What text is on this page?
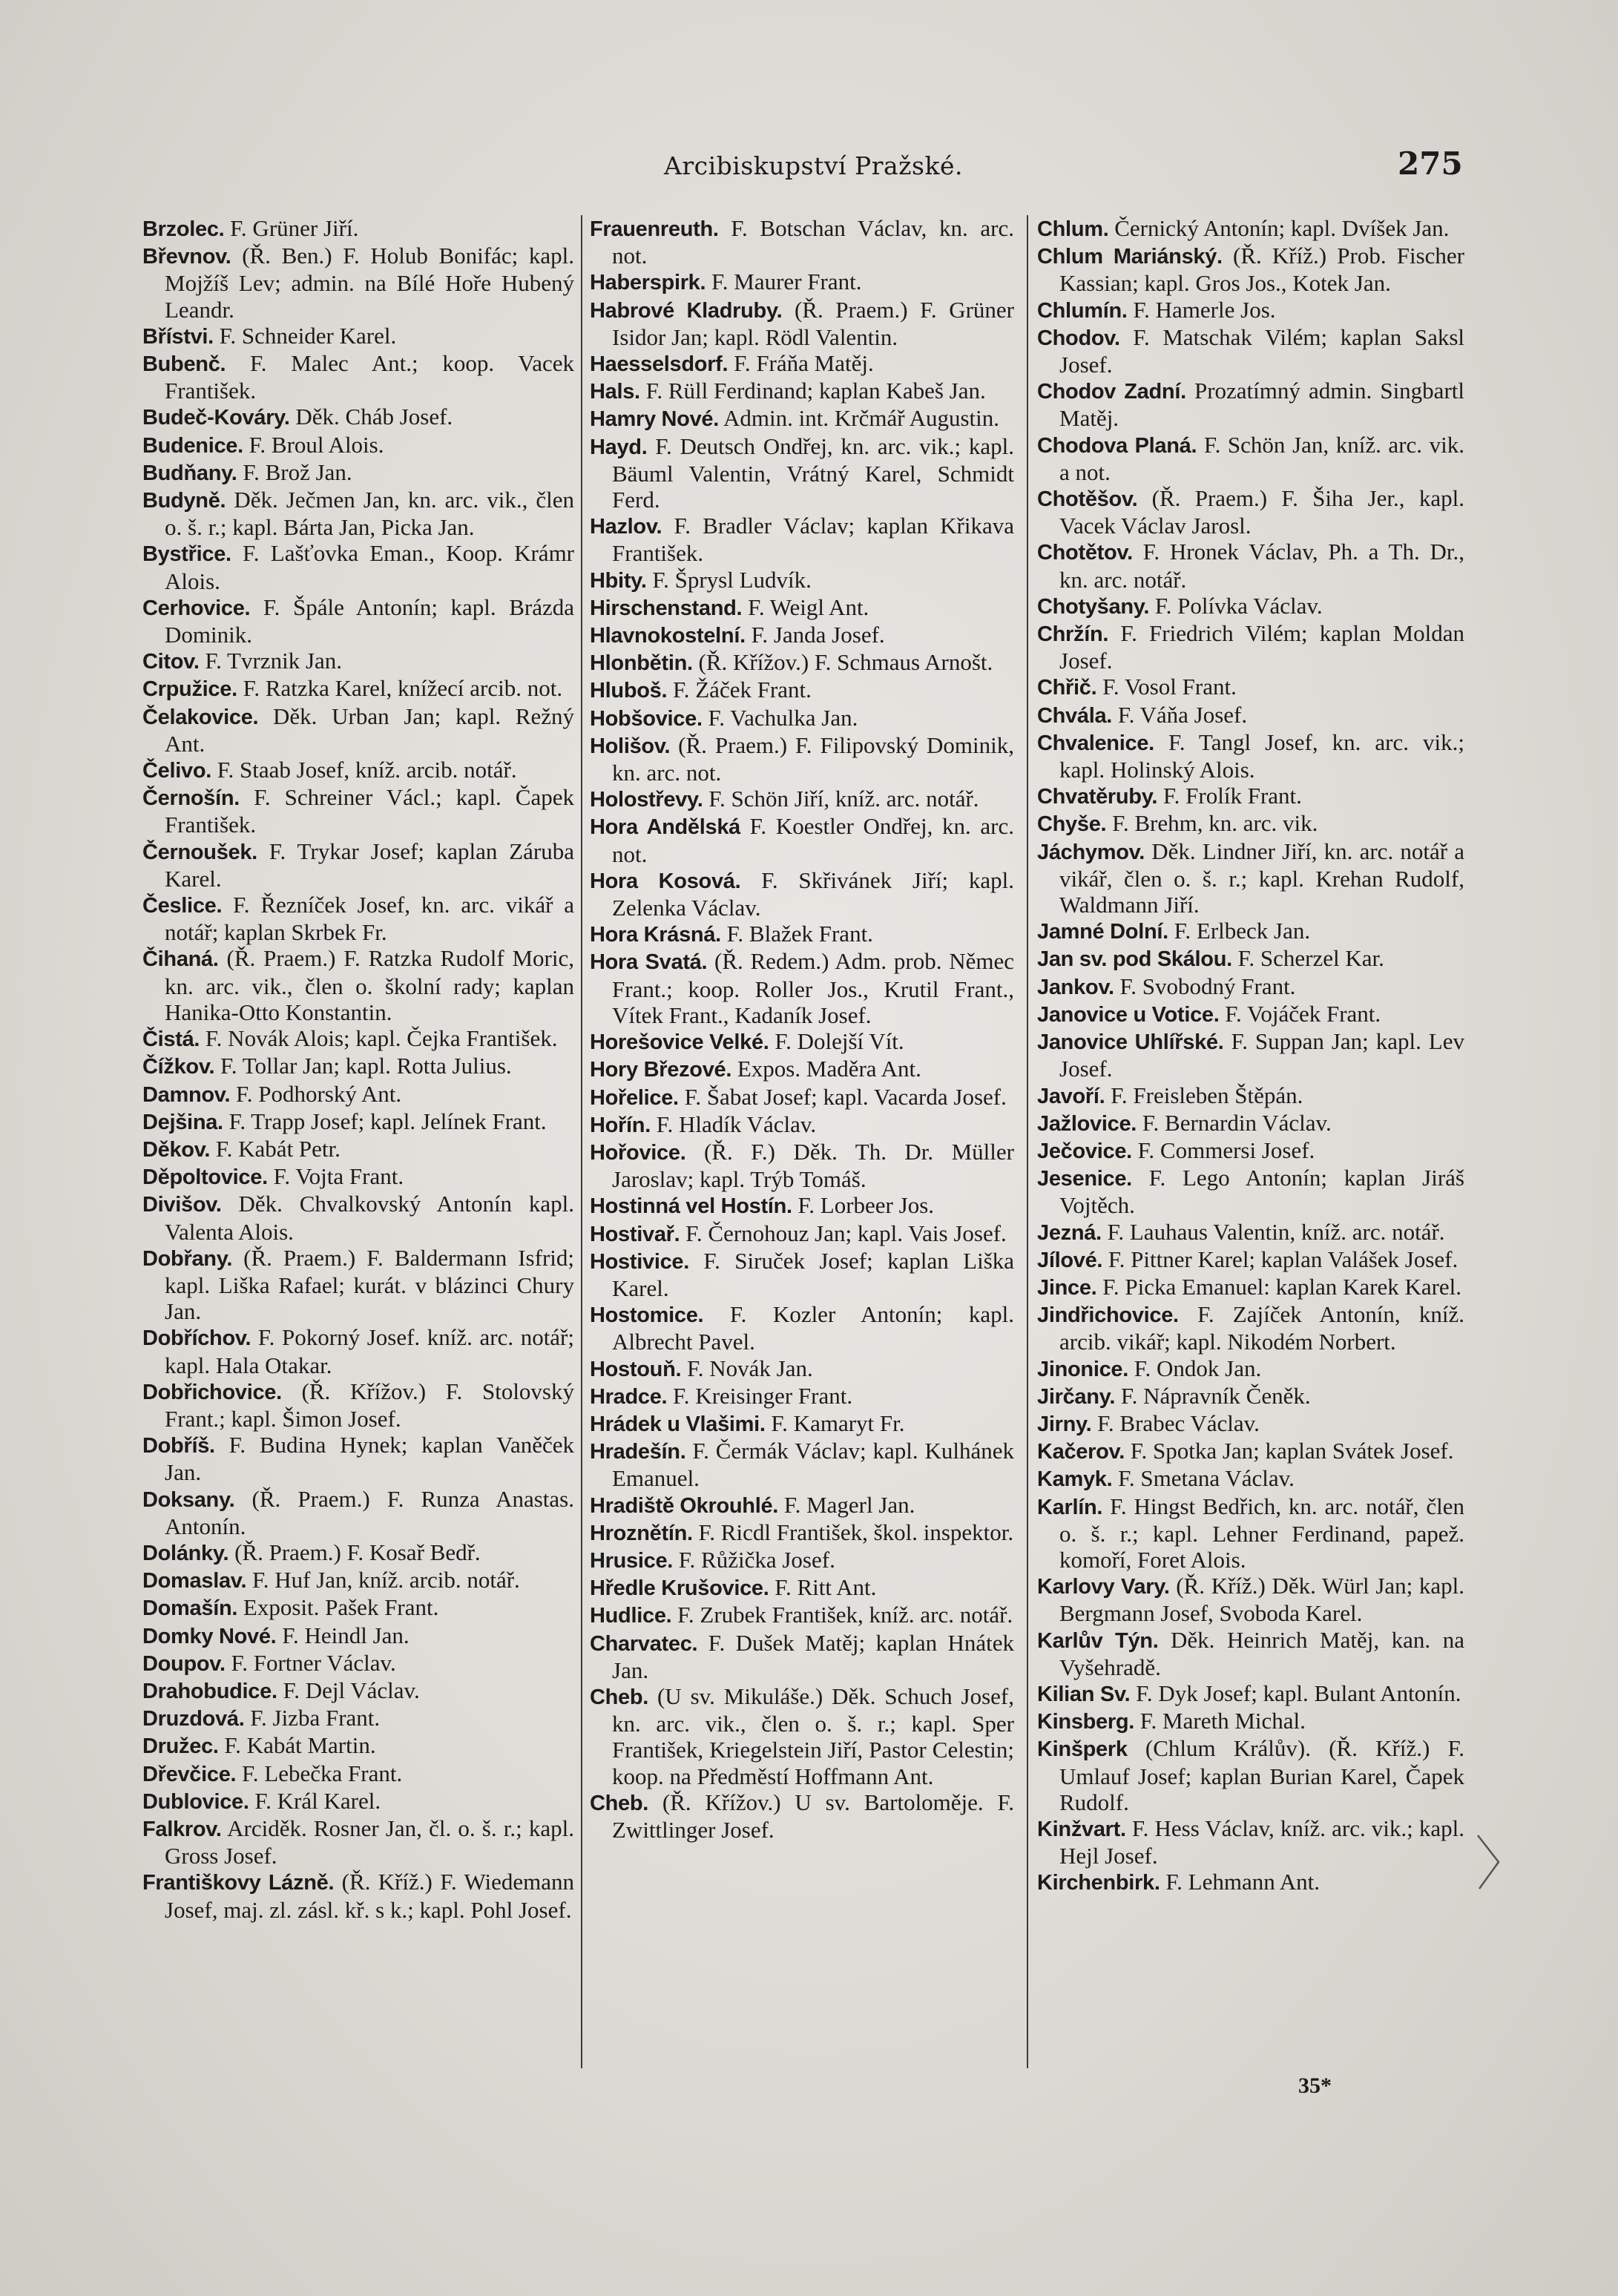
Arcibiskupství Pražské.	275

Brzolec. F. Grüner Jiří.

Břevnov. (Ř. Ben.) F. Holub Bonifác; kapl. Mojžíš Lev; admin. na Bílé Hoře Hubený Leandr.

Břístvi. F. Schneider Karel.

Bubenč. F. Malec Ant.; koop. Vacek František.

Budeč-Kováry. Děk. Cháb Josef.

Budenice. F. Broul Alois.

Budňany. F. Brož Jan.

Budyně. Děk. Ječmen Jan, kn. arc. vik., člen o. š. r.; kapl. Bárta Jan, Picka Jan.

Bystřice. F. Lašťovka Eman., Koop. Krámr Alois.

Cerhovice. F. Špále Antonín; kapl. Brázda Dominik.

Citov. F. Tvrznik Jan.

Crpužice. F. Ratzka Karel, knížecí arcib. not.

Čelakovice. Děk. Urban Jan; kapl. Režný Ant.

Čelivo. F. Staab Josef, kníž. arcib. notář.

Černošín. F. Schreiner Václ.; kapl. Čapek František.

Černoušek. F. Trykar Josef; kaplan Záruba Karel.

Česlice. F. Řezníček Josef, kn. arc. vikář a notář; kaplan Skrbek Fr.

Čihaná. (Ř. Praem.) F. Ratzka Rudolf Moric, kn. arc. vik., člen o. školní rady; kaplan Hanika-Otto Konstantin.

Čistá. F. Novák Alois; kapl. Čejka František.

Čížkov. F. Tollar Jan; kapl. Rotta Julius.

Damnov. F. Podhorský Ant.

Dejšina. F. Trapp Josef; kapl. Jelínek Frant.

Děkov. F. Kabát Petr.

Děpoltovice. F. Vojta Frant.

Divišov. Děk. Chvalkovský Antonín kapl. Valenta Alois.

Dobřany. (Ř. Praem.) F. Baldermann Isfrid; kapl. Liška Rafael; kurát. v blázinci Chury Jan.

Dobříchov. F. Pokorný Josef. kníž. arc. notář; kapl. Hala Otakar.

Dobřichovice. (Ř. Křížov.) F. Stolovský Frant.; kapl. Šimon Josef.

Dobříš. F. Budina Hynek; kaplan Vaněček Jan.

Doksany. (Ř. Praem.) F. Runza Anastas. Antonín.

Dolánky. (Ř. Praem.) F. Kosař Bedř.

Domaslav. F. Huf Jan, kníž. arcib. notář.

Domašín. Exposit. Pašek Frant.

Domky Nové. F. Heindl Jan.

Doupov. F. Fortner Václav.

Drahobudice. F. Dejl Václav.

Druzdová. F. Jizba Frant.

Družec. F. Kabát Martin.

Dřevčice. F. Lebečka Frant.

Dublovice. F. Král Karel.

Falkrov. Arciděk. Rosner Jan, čl. o. š. r.; kapl. Gross Josef.

Františkovy Lázně. (Ř. Kříž.) F. Wiedemann Josef, maj. zl. zásl. kř. s k.; kapl. Pohl Josef.

Frauenreuth. F. Botschan Václav, kn. arc. not.

Haberspirk. F. Maurer Frant.

Habrové Kladruby. (Ř. Praem.) F. Grüner Isidor Jan; kapl. Rödl Valentin.

Haesselsdorf. F. Fráňa Matěj.

Hals. F. Rüll Ferdinand; kaplan Kabeš Jan.

Hamry Nové. Admin. int. Krčmář Augustin.

Hayd. F. Deutsch Ondřej, kn. arc. vik.; kapl. Bäuml Valentin, Vrátný Karel, Schmidt Ferd.

Hazlov. F. Bradler Václav; kaplan Křikava František.

Hbity. F. Šprysl Ludvík.

Hirschenstand. F. Weigl Ant.

Hlavnokostelní. F. Janda Josef.

Hlonbětin. (Ř. Křížov.) F. Schmaus Arnošt.

Hluboš. F. Žáček Frant.

Hobšovice. F. Vachulka Jan.

Holišov. (Ř. Praem.) F. Filipovský Dominik, kn. arc. not.

Holostřevy. F. Schön Jiří, kníž. arc. notář.

Hora Andělská F. Koestler Ondřej, kn. arc. not.

Hora Kosová. F. Skřivánek Jiří; kapl. Zelenka Václav.

Hora Krásná. F. Blažek Frant.

Hora Svatá. (Ř. Redem.) Adm. prob. Němec Frant.; koop. Roller Jos., Krutil Frant., Vítek Frant., Kadaník Josef.

Horešovice Velké. F. Dolejší Vít.

Hory Březové. Expos. Maděra Ant.

Hořelice. F. Šabat Josef; kapl. Vacarda Josef.

Hořín. F. Hladík Václav.

Hořovice. (Ř. F.) Děk. Th. Dr. Müller Jaroslav; kapl. Trýb Tomáš.

Hostinná vel Hostín. F. Lorbeer Jos.

Hostivař. F. Černohouz Jan; kapl. Vais Josef.

Hostivice. F. Siruček Josef; kaplan Liška Karel.

Hostomice. F. Kozler Antonín; kapl. Albrecht Pavel.

Hostouň. F. Novák Jan.

Hradce. F. Kreisinger Frant.

Hrádek u Vlašimi. F. Kamaryt Fr.

Hradešín. F. Čermák Václav; kapl. Kulhánek Emanuel.

Hradiště Okrouhlé. F. Magerl Jan.

Hroznětín. F. Ricdl František, škol. inspektor.

Hrusice. F. Růžička Josef.

Hředle Krušovice. F. Ritt Ant.

Hudlice. F. Zrubek František, kníž. arc. notář.

Charvatec. F. Dušek Matěj; kaplan Hnátek Jan.

Cheb. (U sv. Mikuláše.) Děk. Schuch Josef, kn. arc. vik., člen o. š. r.; kapl. Sper František, Kriegelstein Jiří, Pastor Celestin; koop. na Předměstí Hoffmann Ant.

Cheb. (Ř. Křížov.) U sv. Bartoloměje. F. Zwittlinger Josef.

Chlum. Černický Antonín; kapl. Dvíšek Jan.

Chlum Mariánský. (Ř. Kříž.) Prob. Fischer Kassian; kapl. Gros Jos., Kotek Jan.

Chlumín. F. Hamerle Jos.

Chodov. F. Matschak Vilém; kaplan Saksl Josef.

Chodov Zadní. Prozatímný admin. Singbartl Matěj.

Chodova Planá. F. Schön Jan, kníž. arc. vik. a not.

Chotěšov. (Ř. Praem.) F. Šiha Jer., kapl. Vacek Václav Jarosl.

Chotětov. F. Hronek Václav, Ph. a Th. Dr., kn. arc. notář.

Chotyšany. F. Polívka Václav.

Chržín. F. Friedrich Vilém; kaplan Moldan Josef.

Chřič. F. Vosol Frant.

Chvála. F. Váňa Josef.

Chvalenice. F. Tangl Josef, kn. arc. vik.; kapl. Holinský Alois.

Chvatěruby. F. Frolík Frant.

Chyše. F. Brehm, kn. arc. vik.

Jáchymov. Děk. Lindner Jiří, kn. arc. notář a vikář, člen o. š. r.; kapl. Krehan Rudolf, Waldmann Jiří.

Jamné Dolní. F. Erlbeck Jan.

Jan sv. pod Skálou. F. Scherzel Kar.

Jankov. F. Svobodný Frant.

Janovice u Votice. F. Vojáček Frant.

Janovice Uhlířské. F. Suppan Jan; kapl. Lev Josef.

Javoří. F. Freisleben Štěpán.

Jažlovice. F. Bernardin Václav.

Ječovice. F. Commersi Josef.

Jesenice. F. Lego Antonín; kaplan Jiráš Vojtěch.

Jezná. F. Lauhaus Valentin, kníž. arc. notář.

Jílové. F. Pittner Karel; kaplan Valášek Josef.

Jince. F. Picka Emanuel: kaplan Karek Karel.

Jindřichovice. F. Zajíček Antonín, kníž. arcib. vikář; kapl. Nikodém Norbert.

Jinonice. F. Ondok Jan.

Jirčany. F. Nápravník Čeněk.

Jirny. F. Brabec Václav.

Kačerov. F. Spotka Jan; kaplan Svátek Josef.

Kamyk. F. Smetana Václav.

Karlín. F. Hingst Bedřich, kn. arc. notář, člen o. š. r.; kapl. Lehner Ferdinand, papež. komoří, Foret Alois.

Karlovy Vary. (Ř. Kříž.) Děk. Würl Jan; kapl. Bergmann Josef, Svoboda Karel.

Karlův Týn. Děk. Heinrich Matěj, kan. na Vyšehradě.

Kilian Sv. F. Dyk Josef; kapl. Bulant Antonín.

Kinsberg. F. Mareth Michal.

Kinšperk (Chlum Králův). (Ř. Kříž.) F. Umlauf Josef; kaplan Burian Karel, Čapek Rudolf.

Kinžvart. F. Hess Václav, kníž. arc. vik.; kapl. Hejl Josef.

Kirchenbirk. F. Lehmann Ant.

35*
